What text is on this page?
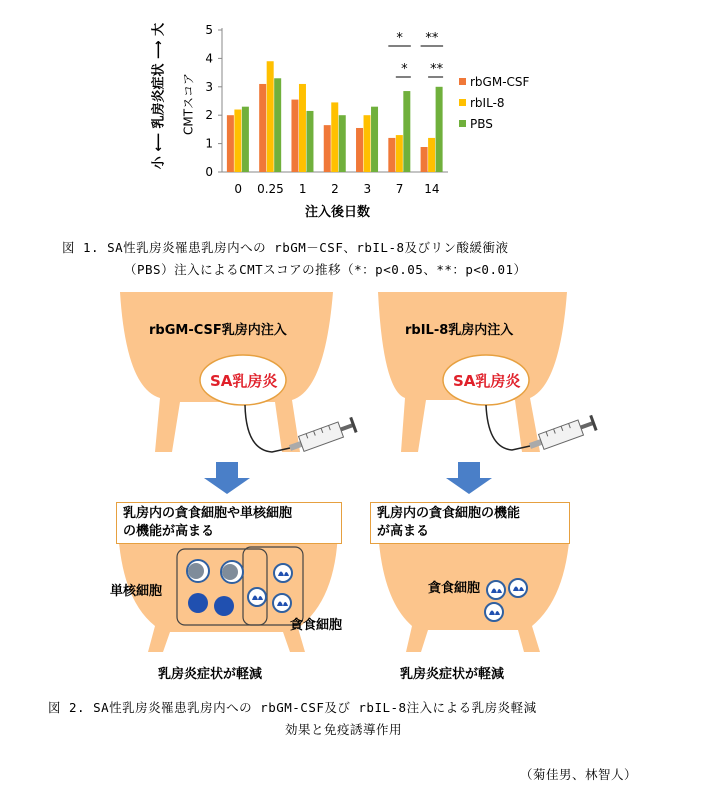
0
1
2
3
4
5
0 0.25 1 2 3 7 14
*
*
**
**
rbGM-CSF
rbIL-8
PBS
小 ⟵ 乳房炎症状 ⟶ 大 CMTスコア
注入後日数
図 1. SA性乳房炎罹患乳房内への rbGM－CSF、rbIL-8及びリン酸緩衝液
（PBS）注入によるCMTスコアの推移（*：p<0.05、**：p<0.01）
rbGM-CSF乳房内注入
SA乳房炎
rbIL-8乳房内注入
SA乳房炎
乳房内の貪食細胞や単核細胞
の機能が高まる
乳房内の貪食細胞の機能
が高まる
単核細胞
貪食細胞
貪食細胞
乳房炎症状が軽減	乳房炎症状が軽減
図 2. SA性乳房炎罹患乳房内への rbGM-CSF及び rbIL-8注入による乳房炎軽減
効果と免疫誘導作用
（菊佳男、林智人）
